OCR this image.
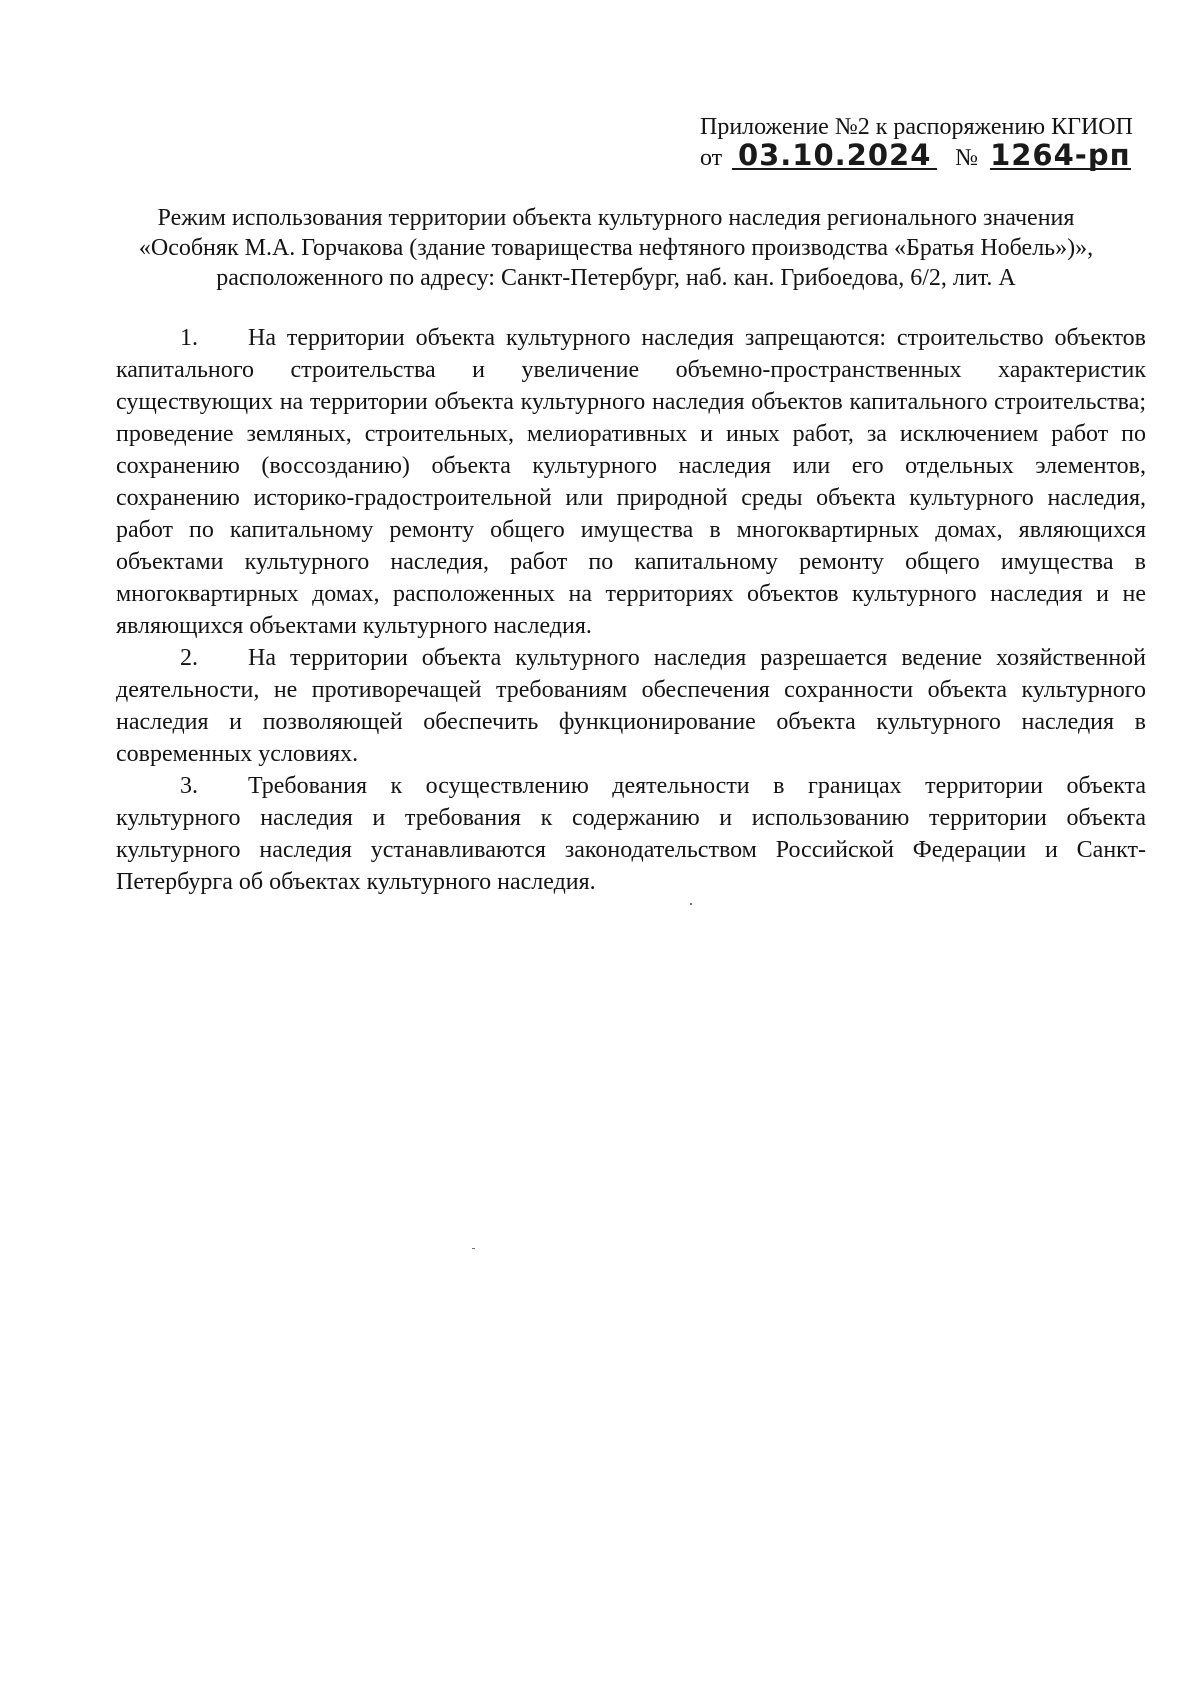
Приложение №2 к распоряжению КГИОП
от 03.10.2024 № 1264-рп
Режим использования территории объекта культурного наследия регионального значения
«Особняк М.А. Горчакова (здание товарищества нефтяного производства «Братья Нобель»)»,
расположенного по адресу: Санкт-Петербург, наб. кан. Грибоедова, 6/2, лит. А

1. На территории объекта культурного наследия запрещаются: строительство объектов капитального строительства и увеличение объемно-пространственных характеристик существующих на территории объекта культурного наследия объектов капитального строительства; проведение земляных, строительных, мелиоративных и иных работ, за исключением работ по сохранению (воссозданию) объекта культурного наследия или его отдельных элементов, сохранению историко-градостроительной или природной среды объекта культурного наследия, работ по капитальному ремонту общего имущества в многоквартирных домах, являющихся объектами культурного наследия, работ по капитальному ремонту общего имущества в многоквартирных домах, расположенных на территориях объектов культурного наследия и не являющихся объектами культурного наследия.

2. На территории объекта культурного наследия разрешается ведение хозяйственной деятельности, не противоречащей требованиям обеспечения сохранности объекта культурного наследия и позволяющей обеспечить функционирование объекта культурного наследия в современных условиях.

3. Требования к осуществлению деятельности в границах территории объекта культурного наследия и требования к содержанию и использованию территории объекта культурного наследия устанавливаются законодательством Российской Федерации и Санкт-Петербурга об объектах культурного наследия.
